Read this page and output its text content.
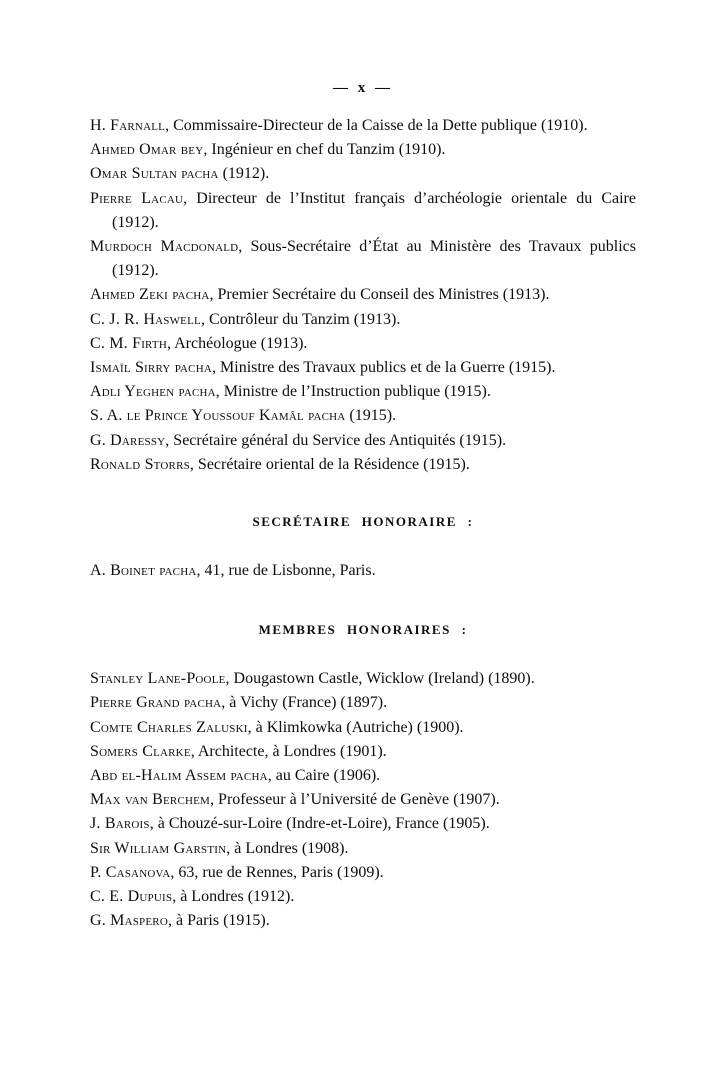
— x —
H. Farnall, Commissaire-Directeur de la Caisse de la Dette publique (1910).
Ahmed Omar bey, Ingénieur en chef du Tanzim (1910).
Omar Sultan pacha (1912).
Pierre Lacau, Directeur de l’Institut français d’archéologie orientale du Caire (1912).
Murdoch Macdonald, Sous-Secrétaire d’État au Ministère des Travaux publics (1912).
Ahmed Zeki pacha, Premier Secrétaire du Conseil des Ministres (1913).
C. J. R. Haswell, Contrôleur du Tanzim (1913).
C. M. Firth, Archéologue (1913).
Ismaïl Sirry pacha, Ministre des Travaux publics et de la Guerre (1915).
Adli Yeghen pacha, Ministre de l’Instruction publique (1915).
S. A. le Prince Youssouf Kamâl pacha (1915).
G. Daressy, Secrétaire général du Service des Antiquités (1915).
Ronald Storrs, Secrétaire oriental de la Résidence (1915).
SECRÉTAIRE HONORAIRE :
A. Boinet pacha, 41, rue de Lisbonne, Paris.
MEMBRES HONORAIRES :
Stanley Lane-Poole, Dougastown Castle, Wicklow (Ireland) (1890).
Pierre Grand pacha, à Vichy (France) (1897).
Comte Charles Zaluski, à Klimkowka (Autriche) (1900).
Somers Clarke, Architecte, à Londres (1901).
Abd el-Halim Assem pacha, au Caire (1906).
Max van Berchem, Professeur à l’Université de Genève (1907).
J. Barois, à Chouzé-sur-Loire (Indre-et-Loire), France (1905).
Sir William Garstin, à Londres (1908).
P. Casanova, 63, rue de Rennes, Paris (1909).
C. E. Dupuis, à Londres (1912).
G. Maspero, à Paris (1915).
